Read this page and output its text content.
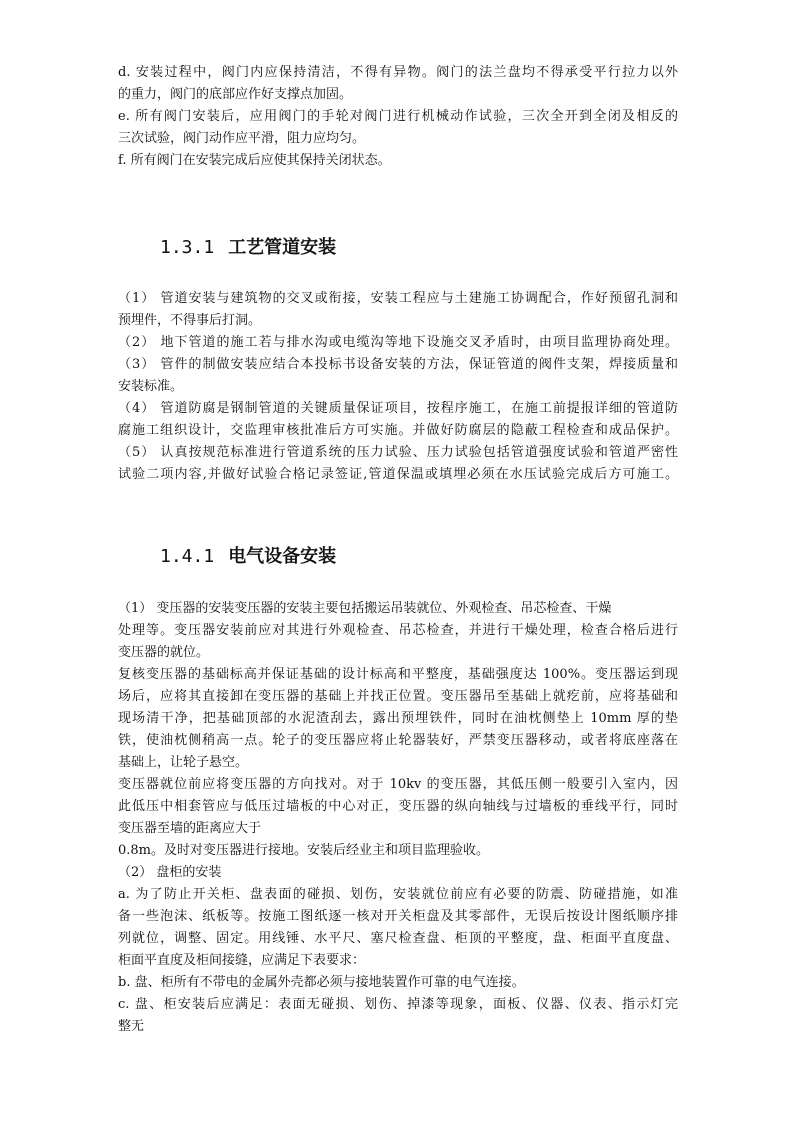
d. 安装过程中，阀门内应保持清洁，不得有异物。阀门的法兰盘均不得承受平行拉力以外
的重力，阀门的底部应作好支撑点加固。
e. 所有阀门安装后，应用阀门的手轮对阀门进行机械动作试验，三次全开到全闭及相反的
三次试验，阀门动作应平滑，阻力应均匀。
f. 所有阀门在安装完成后应使其保持关闭状态。
1.3.1 工艺管道安装
（1） 管道安装与建筑物的交叉或衔接，安装工程应与土建施工协调配合，作好预留孔洞和
预埋件，不得事后打洞。
（2） 地下管道的施工若与排水沟或电缆沟等地下设施交叉矛盾时，由项目监理协商处理。
（3） 管件的制做安装应结合本投标书设备安装的方法，保证管道的阀件支架，焊接质量和
安装标准。
（4） 管道防腐是钢制管道的关键质量保证项目，按程序施工，在施工前提报详细的管道防
腐施工组织设计，交监理审核批准后方可实施。并做好防腐层的隐蔽工程检查和成品保护。
（5） 认真按规范标准进行管道系统的压力试验、压力试验包括管道强度试验和管道严密性
试验二项内容,并做好试验合格记录签证,管道保温或填埋必须在水压试验完成后方可施工。
1.4.1 电气设备安装
（1） 变压器的安装变压器的安装主要包括搬运吊装就位、外观检查、吊芯检查、干燥
处理等。变压器安装前应对其进行外观检查、吊芯检查，并进行干燥处理，检查合格后进行
变压器的就位。
复核变压器的基础标高并保证基础的设计标高和平整度，基础强度达 100%。变压器运到现
场后，应将其直接卸在变压器的基础上并找正位置。变压器吊至基础上就疙前，应将基础和
现场清干净，把基础顶部的水泥渣刮去，露出预埋铁件，同时在油枕侧垫上 10mm 厚的垫
铁，使油枕侧稍高一点。轮子的变压器应将止轮器装好，严禁变压器移动，或者将底座落在
基础上，让轮子悬空。
变压器就位前应将变压器的方向找对。对于 10kv 的变压器，其低压侧一般要引入室内，因
此低压中相套管应与低压过墙板的中心对正，变压器的纵向轴线与过墙板的垂线平行，同时
变压器至墙的距离应大于
0.8m。及时对变压器进行接地。安装后经业主和项目监理验收。
（2） 盘柜的安装
a. 为了防止开关柜、盘表面的碰损、划伤，安装就位前应有必要的防震、防碰措施，如准
备一些泡沫、纸板等。按施工图纸逐一核对开关柜盘及其零部件，无误后按设计图纸顺序排
列就位，调整、固定。用线锤、水平尺、塞尺检查盘、柜顶的平整度，盘、柜面平直度盘、
柜面平直度及柜间接缝，应满足下表要求：
b. 盘、柜所有不带电的金属外壳都必须与接地装置作可靠的电气连接。
c. 盘、柜安装后应满足：表面无碰损、划伤、掉漆等现象，面板、仪器、仪表、指示灯完
整无
